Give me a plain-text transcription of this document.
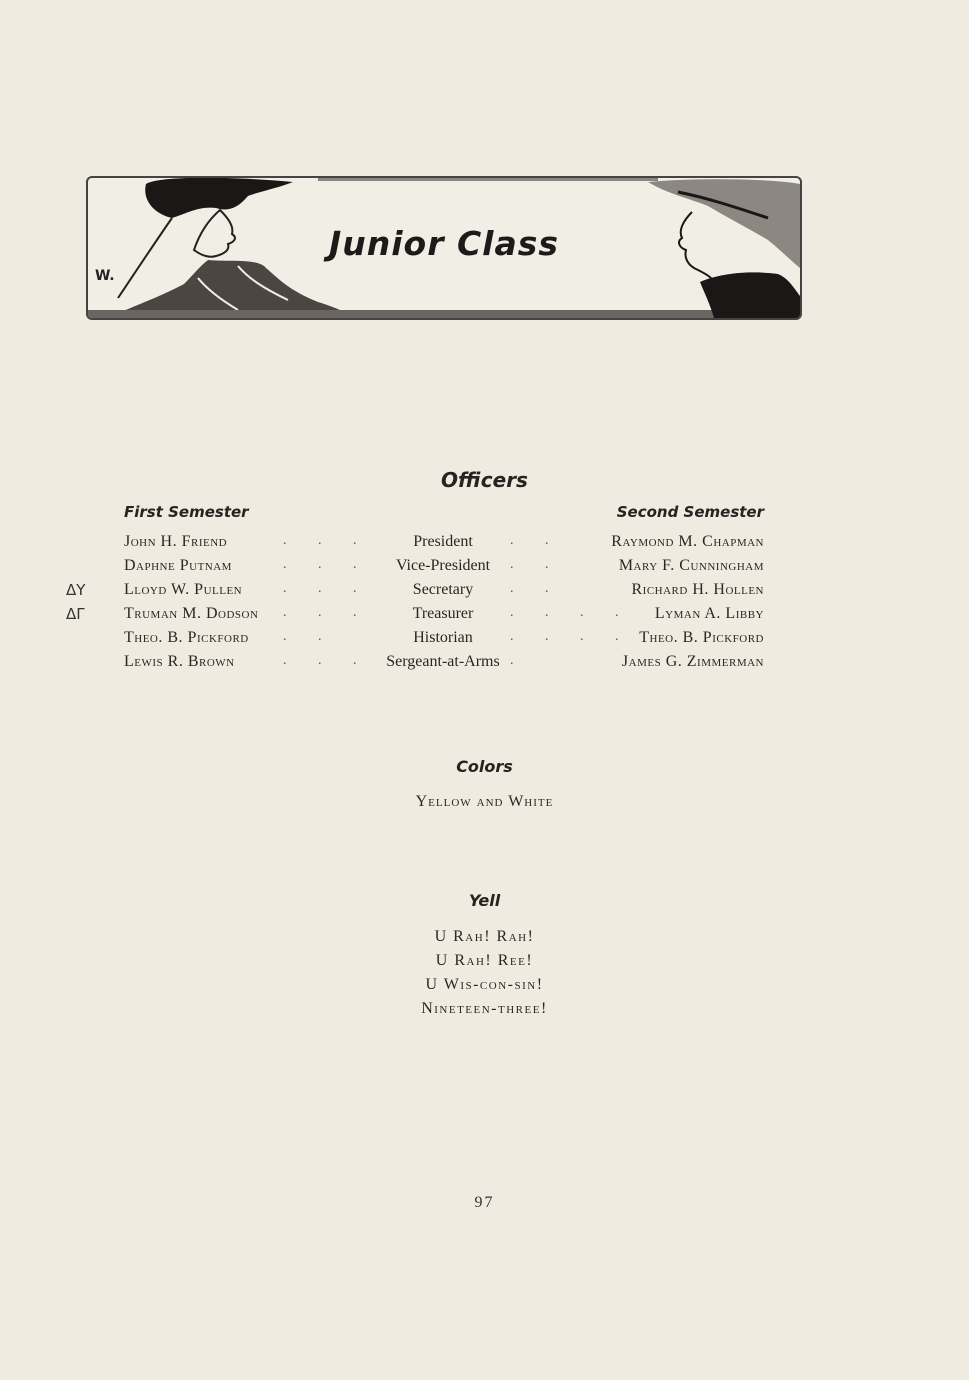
W.
Junior Class
Officers
First Semester	Second Semester
John H. Friend	. . .	President	. .	Raymond M. Chapman
Daphne Putnam	. . .	Vice-President	. .	Mary F. Cunningham
ΔY Lloyd W. Pullen	. . .	Secretary	. .	Richard H. Hollen
ΔΓ Truman M. Dodson . . .	Treasurer	. . . . Lyman A. Libby
Theo. B. Pickford . .	Historian	. . . . Theo. B. Pickford
Lewis R. Brown	. . . Sergeant-at-Arms .	James G. Zimmerman
Colors
Yellow and White
Yell
U Rah! Rah!
U Rah! Ree!
U Wis-con-sin!
Nineteen-three!
97
